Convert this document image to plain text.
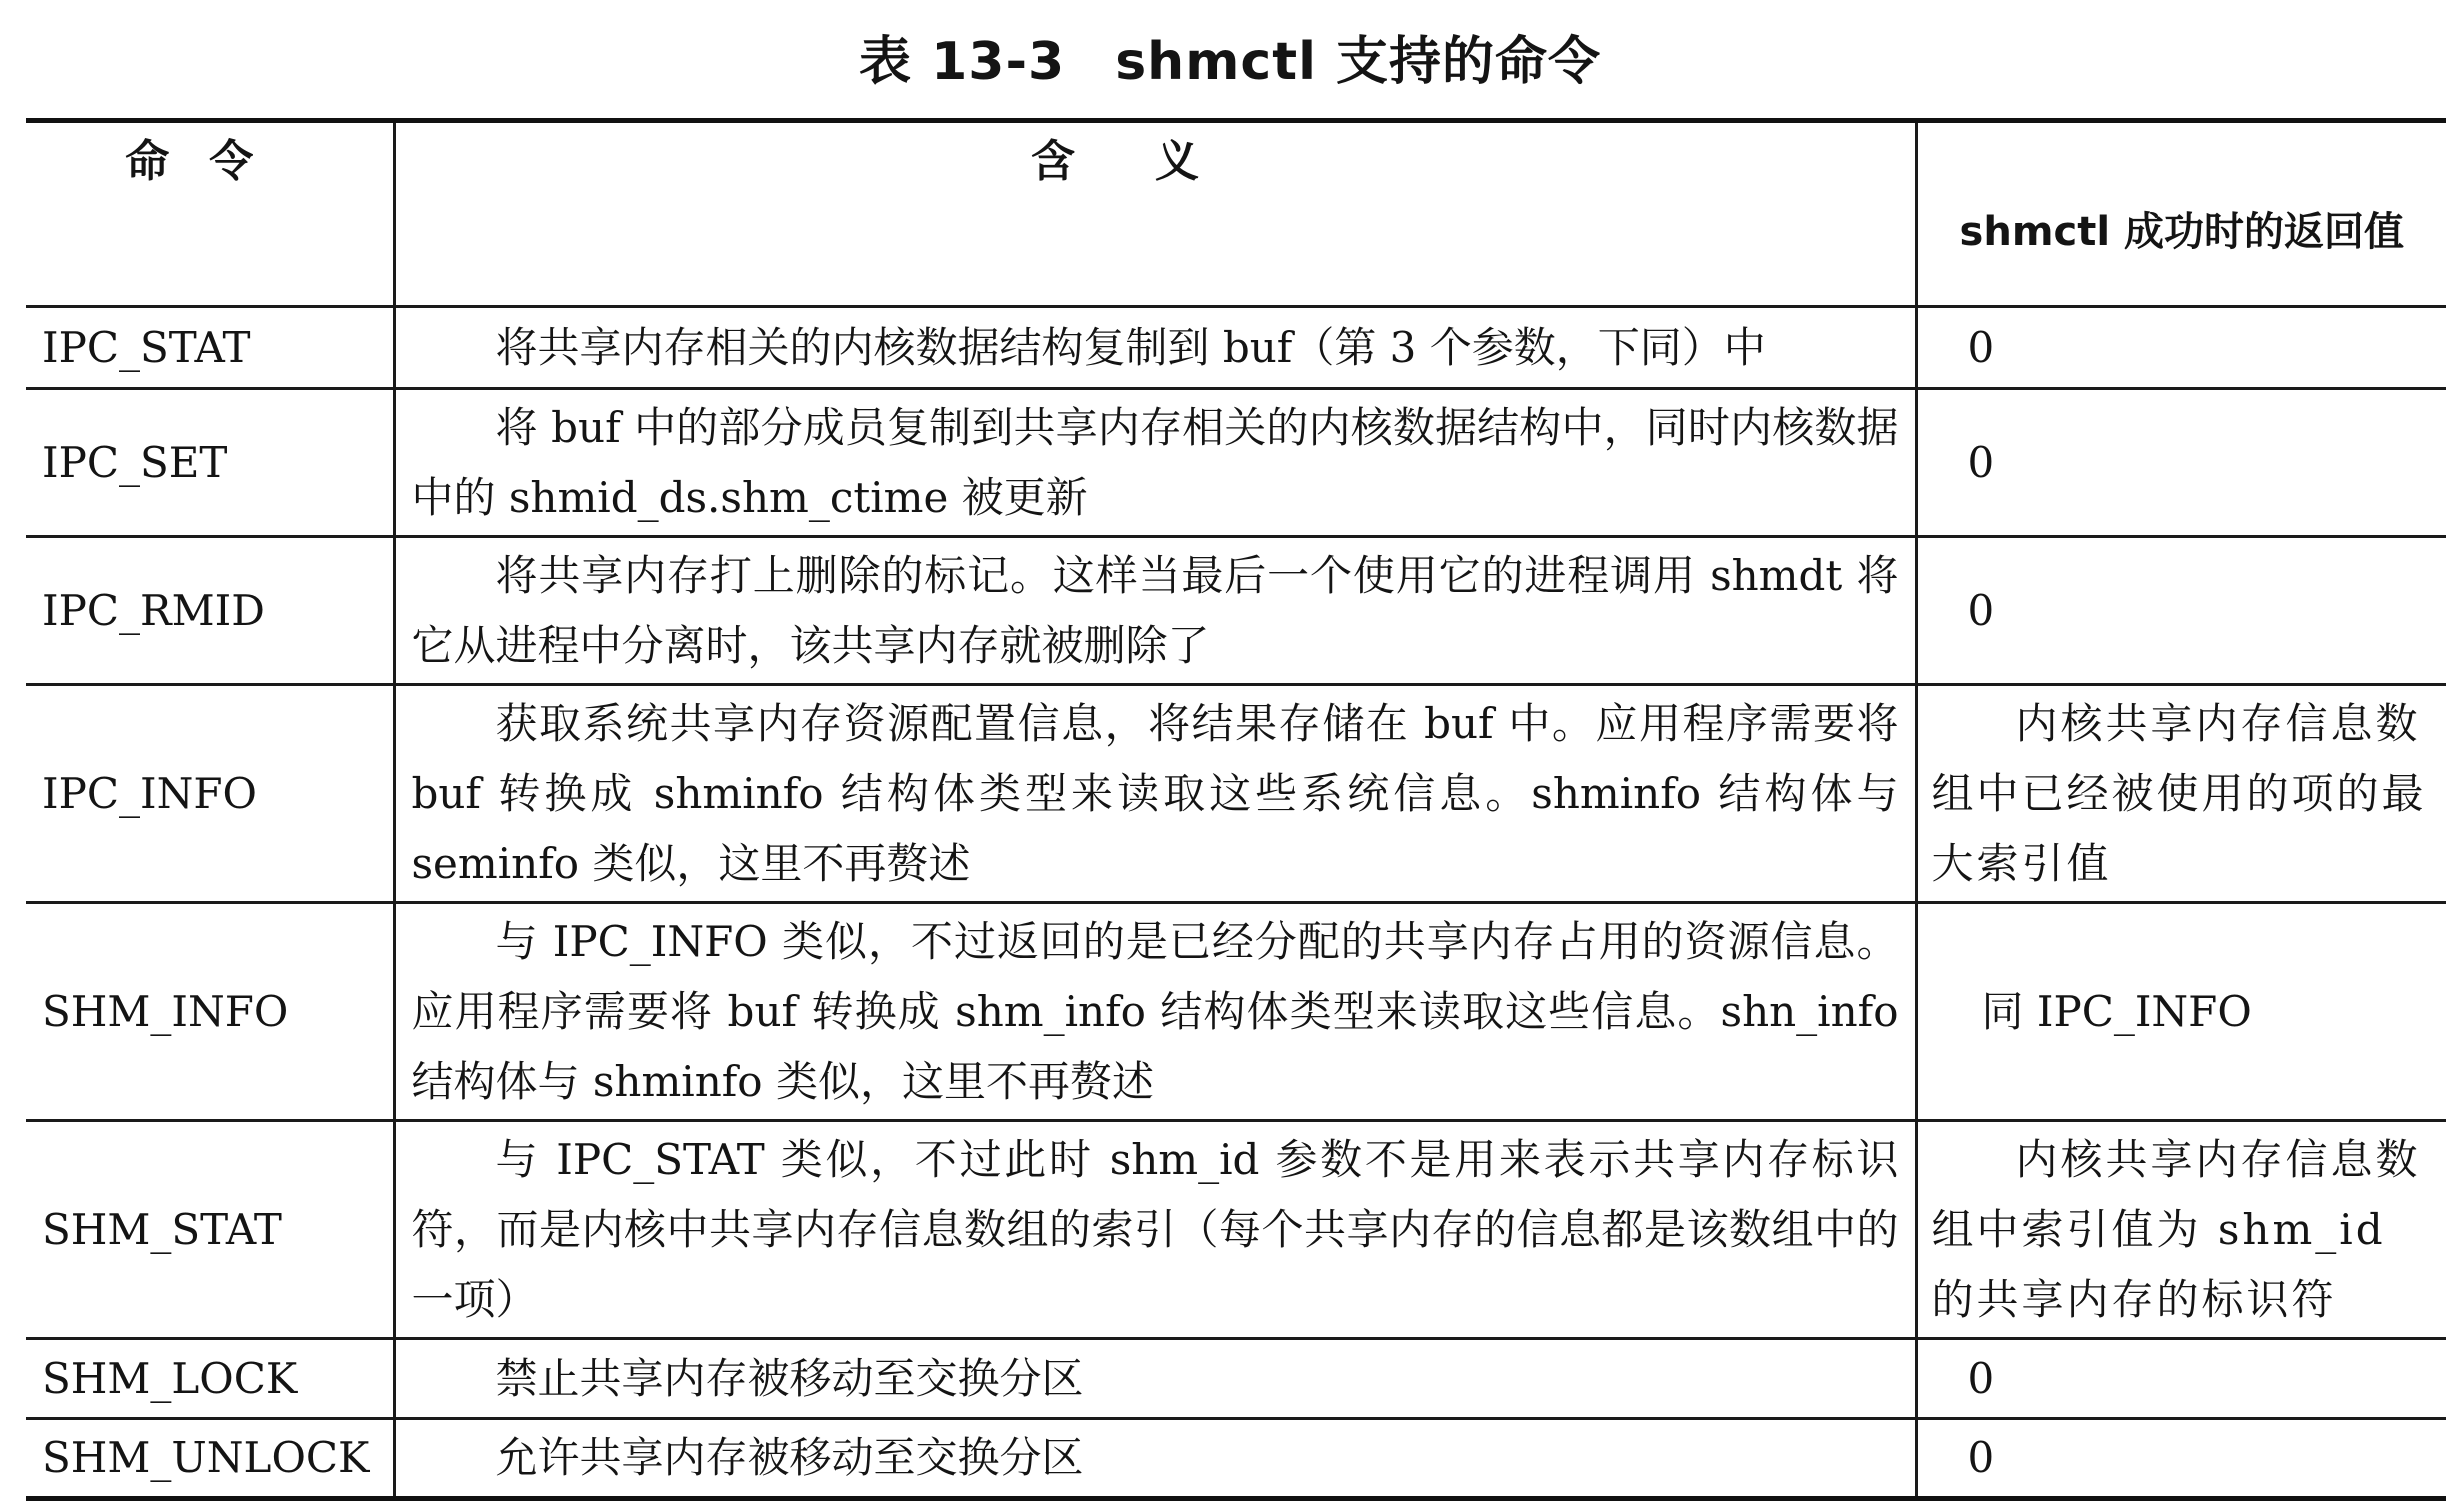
表 13-3 shmctl 支持的命令
命令	含义	shmctl 成功时的返回值
IPC_STAT	将共享内存相关的内核数据结构复制到 buf（第 3 个参数，下同）中	0
IPC_SET	将 buf 中的部分成员复制到共享内存相关的内核数据结构中，同时内核数据中的 shmid_ds.shm_ctime 被更新	0
IPC_RMID	将共享内存打上删除的标记。这样当最后一个使用它的进程调用 shmdt 将它从进程中分离时，该共享内存就被删除了	0
IPC_INFO	获取系统共享内存资源配置信息，将结果存储在 buf 中。应用程序需要将 buf 转换成 shminfo 结构体类型来读取这些系统信息。shminfo 结构体与 seminfo 类似，这里不再赘述	内核共享内存信息数组中已经被使用的项的最大索引值

SHM_INFO	与 IPC_INFO 类似，不过返回的是已经分配的共享内存占用的资源信息。应用程序需要将 buf 转换成 shm_info 结构体类型来读取这些信息。shn_info 结构体与 shminfo 类似，这里不再赘述	同 IPC_INFO
SHM_STAT	与 IPC_STAT 类似，不过此时 shm_id 参数不是用来表示共享内存标识符，而是内核中共享内存信息数组的索引（每个共享内存的信息都是该数组中的一项）	内核共享内存信息数组中索引值为 shm_id 的共享内存的标识符

SHM_LOCK	禁止共享内存被移动至交换分区	0
SHM_UNLOCK	允许共享内存被移动至交换分区	0
